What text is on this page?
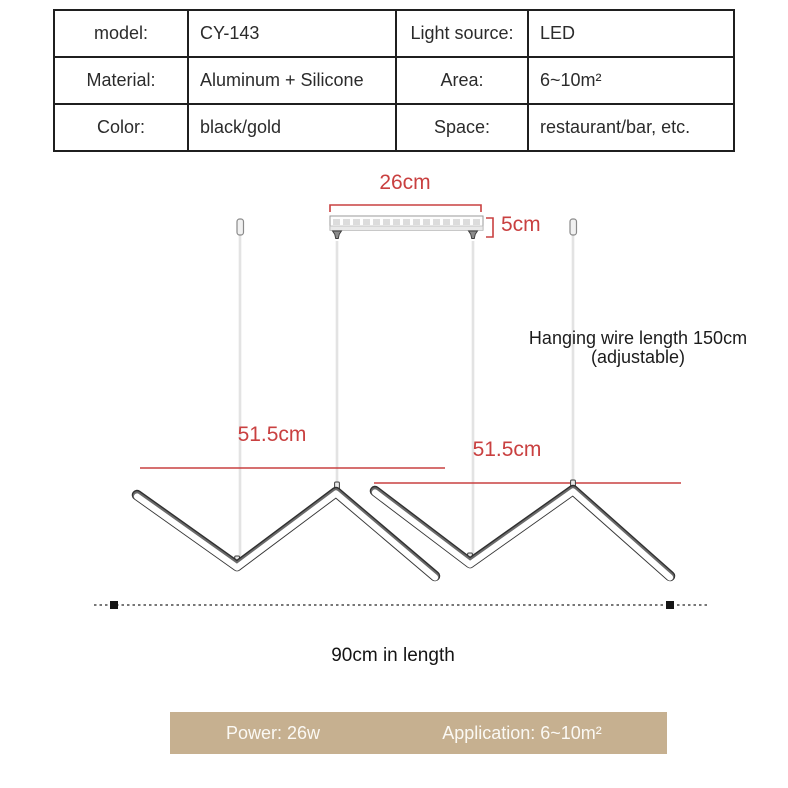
model:	CY-143	Light source:	LED
Material:	Aluminum + Silicone	Area:	6~10m²
Color:	black/gold	Space:	restaurant/bar, etc.
26cm
5cm
51.5cm
51.5cm
Hanging wire length 150cm
(adjustable)
90cm in length
Power: 26w	Application: 6~10m²
